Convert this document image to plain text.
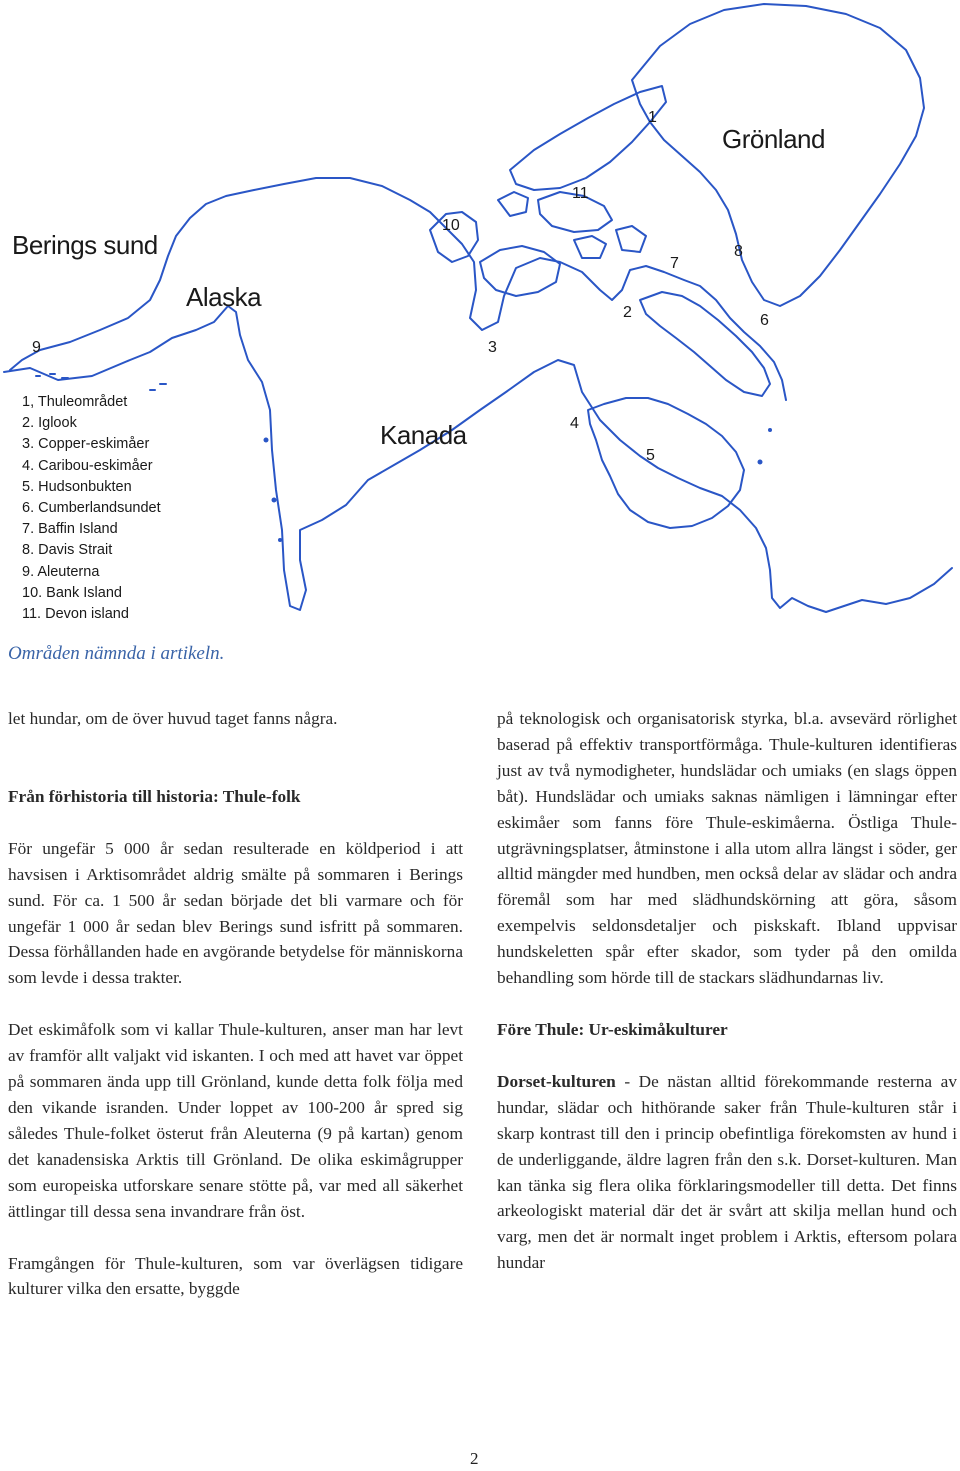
Berings sund
Alaska
Kanada
Grönland
1
2
3
4
5
6
7
8
9
10
11
1, Thuleområdet
2. Iglook
3. Copper-eskimåer
4. Caribou-eskimåer
5. Hudsonbukten
6. Cumberlandsundet
7. Baffin Island
8. Davis Strait
9. Aleuterna
10. Bank Island
11. Devon island
Områden nämnda i artikeln.

let hundar, om de över huvud taget fanns några.

Från förhistoria till historia: Thule-folk

För ungefär 5 000 år sedan resulterade en köldperiod i att havsisen i Arktisområdet aldrig smälte på sommaren i Berings sund. För ca. 1 500 år sedan började det bli varmare och för ungefär 1 000 år sedan blev Berings sund isfritt på sommaren. Dessa förhållanden hade en avgörande betydelse för människorna som levde i dessa trakter.

Det eskimåfolk som vi kallar Thule-kulturen, anser man har levt av framför allt valjakt vid iskanten. I och med att havet var öppet på sommaren ända upp till Grönland, kunde detta folk följa med den vikande isranden. Under loppet av 100-200 år spred sig således Thule-folket österut från Aleuterna (9 på kartan) genom det kanadensiska Arktis till Grönland. De olika eskimågrupper som europeiska utforskare senare stötte på, var med all säkerhet ättlingar till dessa sena invandrare från öst.

Framgången för Thule-kulturen, som var överlägsen tidigare kulturer vilka den ersatte, byggde

på teknologisk och organisatorisk styrka, bl.a. avsevärd rörlighet baserad på effektiv transportförmåga. Thule-kulturen identifieras just av två nymodigheter, hundslädar och umiaks (en slags öppen båt). Hundslädar och umiaks saknas nämligen i lämningar efter eskimåer som fanns före Thule-eskimåerna. Östliga Thule-utgrävningsplatser, åtminstone i alla utom allra längst i söder, ger alltid mängder med hundben, men också delar av slädar och andra föremål som har med slädhundskörning att göra, såsom exempelvis seldonsdetaljer och piskskaft. Ibland uppvisar hundskeletten spår efter skador, som tyder på den omilda behandling som hörde till de stackars slädhundarnas liv.

Före Thule: Ur-eskimåkulturer

Dorset-kulturen - De nästan alltid förekommande resterna av hundar, slädar och hithörande saker från Thule-kulturen står i skarp kontrast till den i princip obefintliga förekomsten av hund i de underliggande, äldre lagren från den s.k. Dorset-kulturen. Man kan tänka sig flera olika förklaringsmodeller till detta. Det finns arkeologiskt material där det är svårt att skilja mellan hund och varg, men det är normalt inget problem i Arktis, eftersom polara hundar

2
